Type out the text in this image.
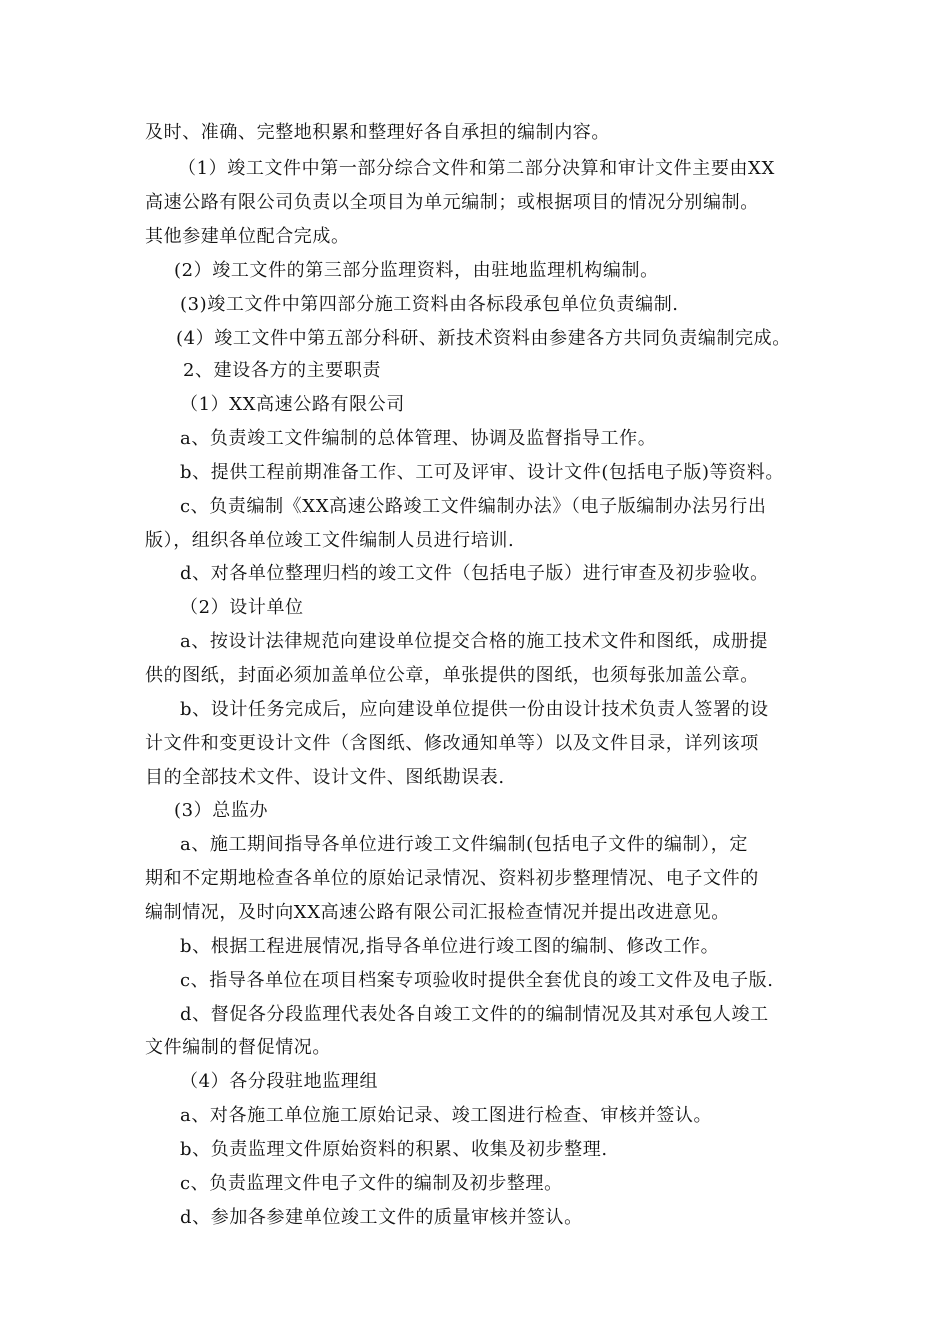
及时、准确、完整地积累和整理好各自承担的编制内容。
（1）竣工文件中第一部分综合文件和第二部分决算和审计文件主要由XX
高速公路有限公司负责以全项目为单元编制；或根据项目的情况分别编制。
其他参建单位配合完成。
(2）竣工文件的第三部分监理资料，由驻地监理机构编制。
(3)竣工文件中第四部分施工资料由各标段承包单位负责编制.
(4）竣工文件中第五部分科研、新技术资料由参建各方共同负责编制完成。
2、建设各方的主要职责
（1）XX高速公路有限公司
a、负责竣工文件编制的总体管理、协调及监督指导工作。
b、提供工程前期准备工作、工可及评审、设计文件(包括电子版)等资料。
c、负责编制《XX高速公路竣工文件编制办法》（电子版编制办法另行出
版），组织各单位竣工文件编制人员进行培训.
d、对各单位整理归档的竣工文件（包括电子版）进行审查及初步验收。
（2）设计单位
a、按设计法律规范向建设单位提交合格的施工技术文件和图纸，成册提
供的图纸，封面必须加盖单位公章，单张提供的图纸，也须每张加盖公章。
b、设计任务完成后，应向建设单位提供一份由设计技术负责人签署的设
计文件和变更设计文件（含图纸、修改通知单等）以及文件目录，详列该项
目的全部技术文件、设计文件、图纸勘误表.
(3）总监办
a、施工期间指导各单位进行竣工文件编制(包括电子文件的编制），定
期和不定期地检查各单位的原始记录情况、资料初步整理情况、电子文件的
编制情况，及时向XX高速公路有限公司汇报检查情况并提出改进意见。
b、根据工程进展情况,指导各单位进行竣工图的编制、修改工作。
c、指导各单位在项目档案专项验收时提供全套优良的竣工文件及电子版.
d、督促各分段监理代表处各自竣工文件的的编制情况及其对承包人竣工
文件编制的督促情况。
（4）各分段驻地监理组
a、对各施工单位施工原始记录、竣工图进行检查、审核并签认。
b、负责监理文件原始资料的积累、收集及初步整理.
c、负责监理文件电子文件的编制及初步整理。
d、参加各参建单位竣工文件的质量审核并签认。
